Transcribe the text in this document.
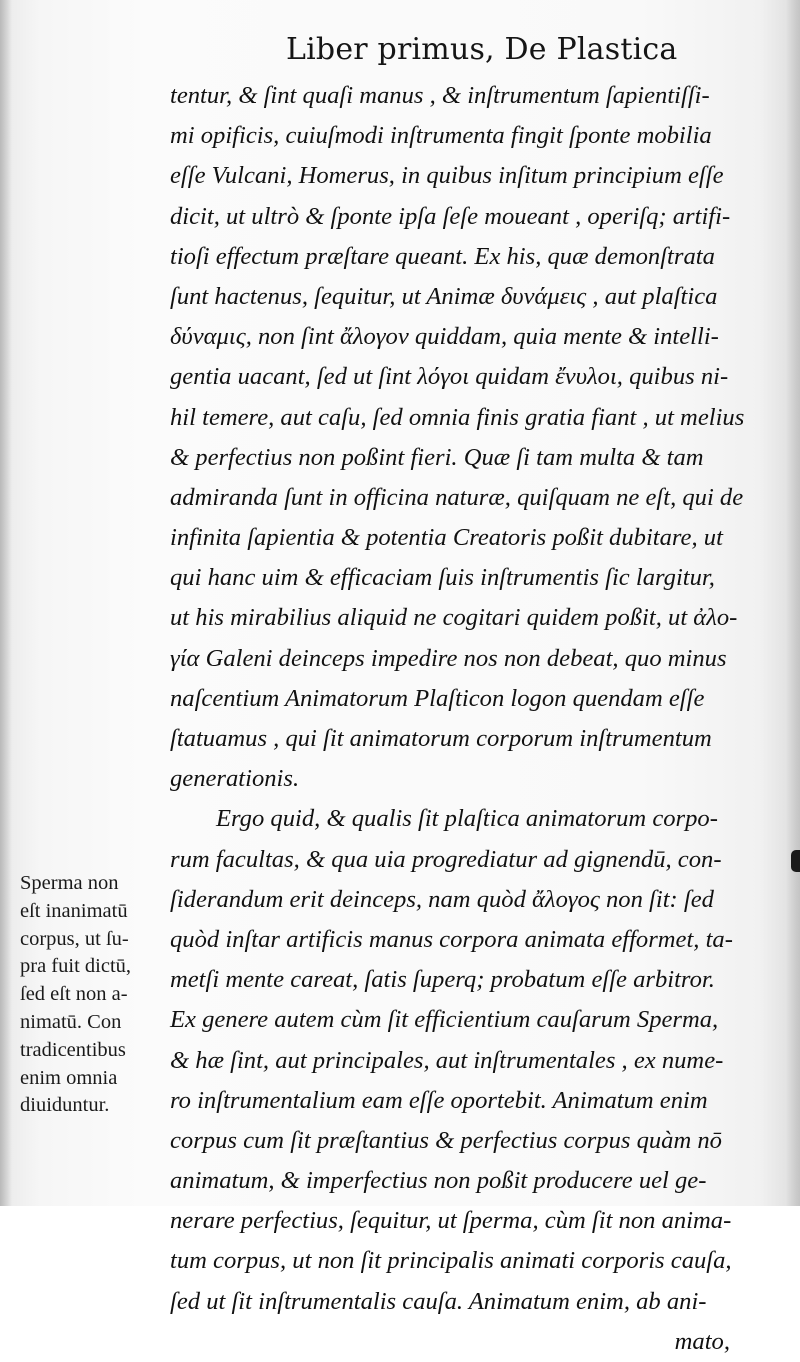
Liber primus, De Plastica
tentur, & ſint quaſi manus , & inſtrumentum ſapientiſſi-
mi opificis, cuiuſmodi inſtrumenta fingit ſponte mobilia
eſſe Vulcani, Homerus, in quibus inſitum principium eſſe
dicit, ut ultrò & ſponte ipſa ſeſe moueant , operiſq; artifi-
tioſi effectum præſtare queant. Ex his, quæ demonſtrata
ſunt hactenus, ſequitur, ut Animæ δυνάμεις , aut plaſtica
δύναμις, non ſint ἄλογον quiddam, quia mente & intelli-
gentia uacant, ſed ut ſint λόγοι quidam ἔνυλοι, quibus ni-
hil temere, aut caſu, ſed omnia finis gratia fiant , ut melius
& perfectius non poßint fieri. Quæ ſi tam multa & tam
admiranda ſunt in officina naturæ, quiſquam ne eſt, qui de
infinita ſapientia & potentia Creatoris poßit dubitare, ut
qui hanc uim & efficaciam ſuis inſtrumentis ſic largitur,
ut his mirabilius aliquid ne cogitari quidem poßit, ut ἀλο-
γία Galeni deinceps impedire nos non debeat, quo minus
naſcentium Animatorum Plaſticon logon quendam eſſe
ſtatuamus , qui ſit animatorum corporum inſtrumentum
generationis.
Ergo quid, & qualis ſit plaſtica animatorum corpo-
rum facultas, & qua uia progrediatur ad gignendū, con-
ſiderandum erit deinceps, nam quòd ἄλογος non ſit: ſed
quòd inſtar artificis manus corpora animata efformet, ta-
metſi mente careat, ſatis ſuperq; probatum eſſe arbitror.
Ex genere autem cùm ſit efficientium cauſarum Sperma,
& hæ ſint, aut principales, aut inſtrumentales , ex nume-
ro inſtrumentalium eam eſſe oportebit. Animatum enim
corpus cum ſit præſtantius & perfectius corpus quàm nō
animatum, & imperfectius non poßit producere uel ge-
nerare perfectius, ſequitur, ut ſperma, cùm ſit non anima-
tum corpus, ut non ſit principalis animati corporis cauſa,
ſed ut ſit inſtrumentalis cauſa. Animatum enim, ab ani-
mato,
Sperma non
eſt inanimatū
corpus, ut ſu-
pra fuit dictū,
ſed eſt non a-
nimatū. Con
tradicentibus
enim omnia
diuiduntur.
